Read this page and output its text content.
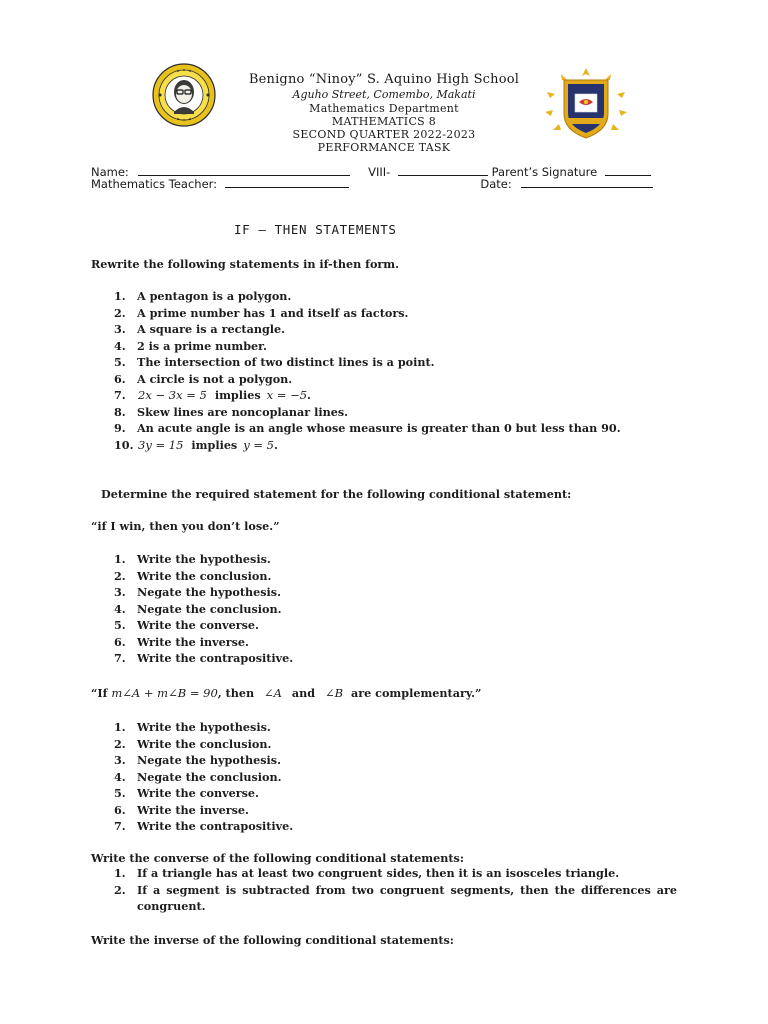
Benigno “Ninoy” S. Aquino High School
Aguho Street, Comembo, Makati
Mathematics Department
MATHEMATICS 8
SECOND QUARTER 2022-2023
PERFORMANCE TASK
Name:	VIII-	Parent’s Signature
Mathematics Teacher:	Date:
IF – THEN STATEMENTS
Rewrite the following statements in if-then form.
1.	A pentagon is a polygon.
2.	A prime number has 1 and itself as factors.
3.	A square is a rectangle.
4.	2 is a prime number.
5.	The intersection of two distinct lines is a point.
6.	A circle is not a polygon.
7.	2x − 3x = 5 implies x = −5.
8.	Skew lines are noncoplanar lines.
9.	An acute angle is an angle whose measure is greater than 0 but less than 90.
10. 3y = 15 implies y = 5.
Determine the required statement for the following conditional statement:
“if I win, then you don’t lose.”
1.	Write the hypothesis.
2.	Write the conclusion.
3.	Negate the hypothesis.
4.	Negate the conclusion.
5.	Write the converse.
6.	Write the inverse.
7.	Write the contrapositive.
“If m∠A + m∠B = 90, then ∠A and ∠B are complementary.”
1.	Write the hypothesis.
2.	Write the conclusion.
3.	Negate the hypothesis.
4.	Negate the conclusion.
5.	Write the converse.
6.	Write the inverse.
7.	Write the contrapositive.
Write the converse of the following conditional statements:
1.	If a triangle has at least two congruent sides, then it is an isosceles triangle.
2.	If a segment is subtracted from two congruent segments, then the differences are congruent.
Write the inverse of the following conditional statements:
